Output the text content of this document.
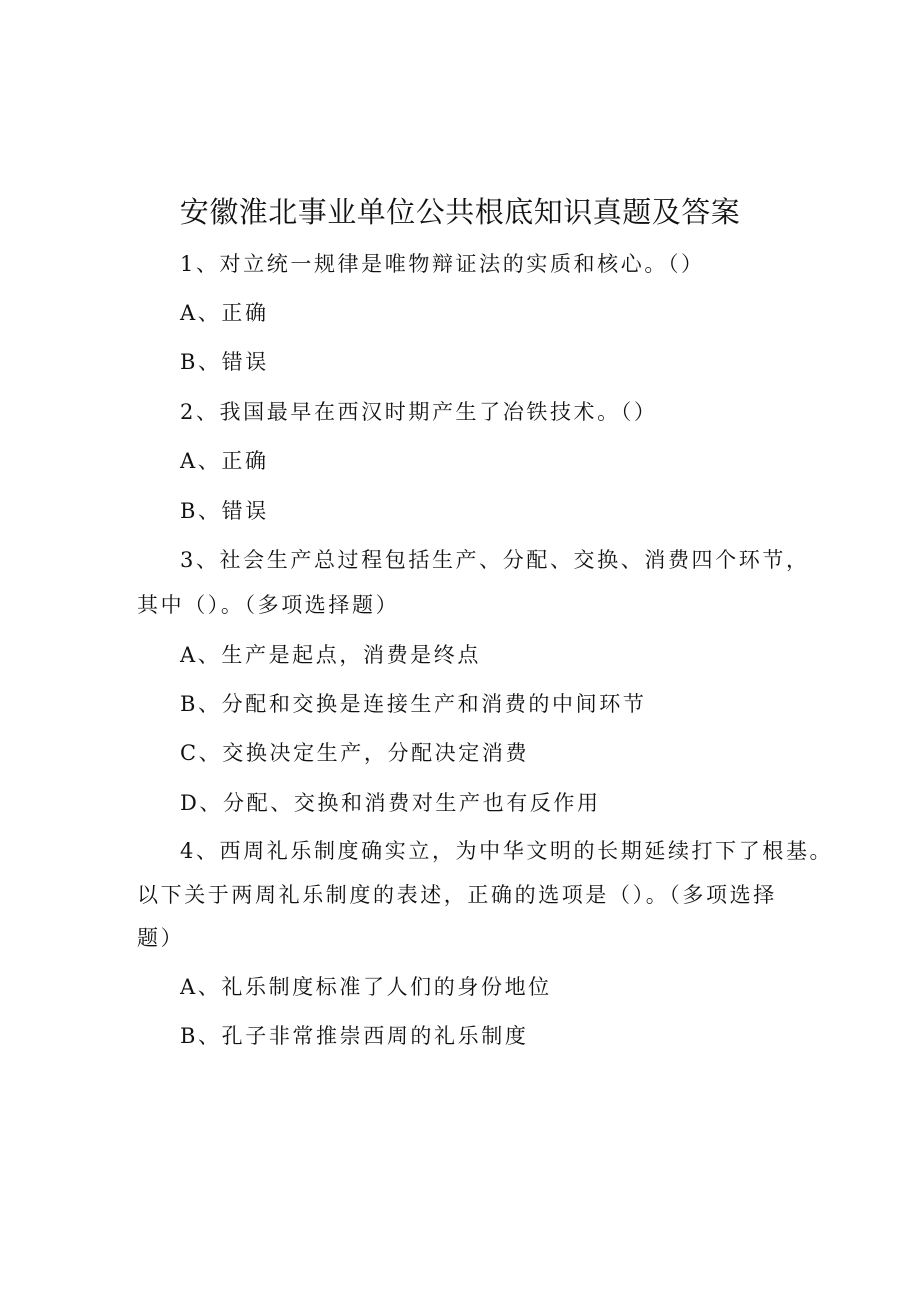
安徽淮北事业单位公共根底知识真题及答案
1、对立统一规律是唯物辩证法的实质和核心。（）
A、正确
B、错误
2、我国最早在西汉时期产生了冶铁技术。（）
A、正确
B、错误
3、社会生产总过程包括生产、分配、交换、消费四个环节，
其中（）。（多项选择题）
A、生产是起点，消费是终点
B、分配和交换是连接生产和消费的中间环节
C、交换决定生产，分配决定消费
D、分配、交换和消费对生产也有反作用
4、西周礼乐制度确实立，为中华文明的长期延续打下了根基。
以下关于两周礼乐制度的表述，正确的选项是（）。（多项选择
题）
A、礼乐制度标准了人们的身份地位
B、孔子非常推崇西周的礼乐制度
